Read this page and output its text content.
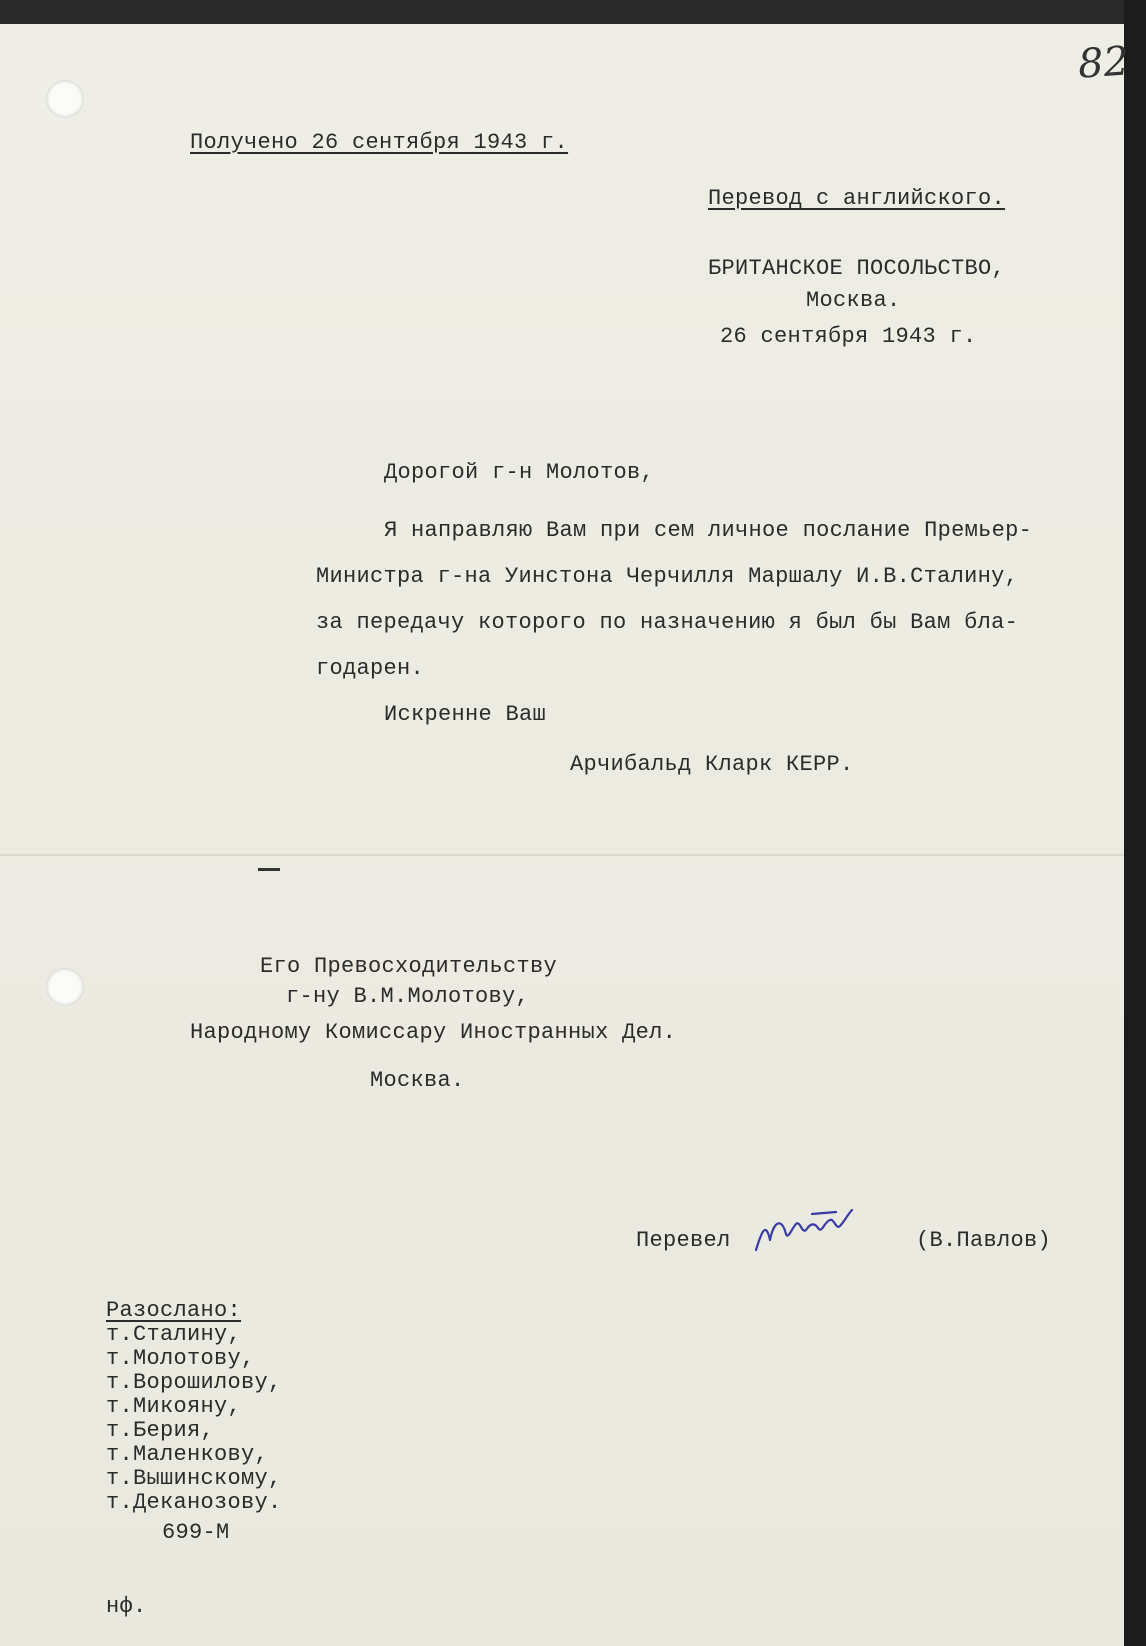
82
Получено 26 сентября 1943 г.
Перевод с английского.
БРИТАНСКОЕ ПОСОЛЬСТВО,
Москва.
26 сентября 1943 г.
Дорогой г-н Молотов,
Я направляю Вам при сем личное послание Премьер-
Министра г-на Уинстона Черчилля Маршалу И.В.Сталину,
за передачу которого по назначению я был бы Вам бла-
годарен.
Искренне Ваш
Арчибальд Кларк КЕРР.
Его Превосходительству
г-ну В.М.Молотову,
Народному Комиссару Иностранных Дел.
Москва.
Перевел	(В.Павлов)
Разослано:
т.Сталину,
т.Молотову,
т.Ворошилову,
т.Микояну,
т.Берия,
т.Маленкову,
т.Вышинскому,
т.Деканозову.
699-М
нф.
